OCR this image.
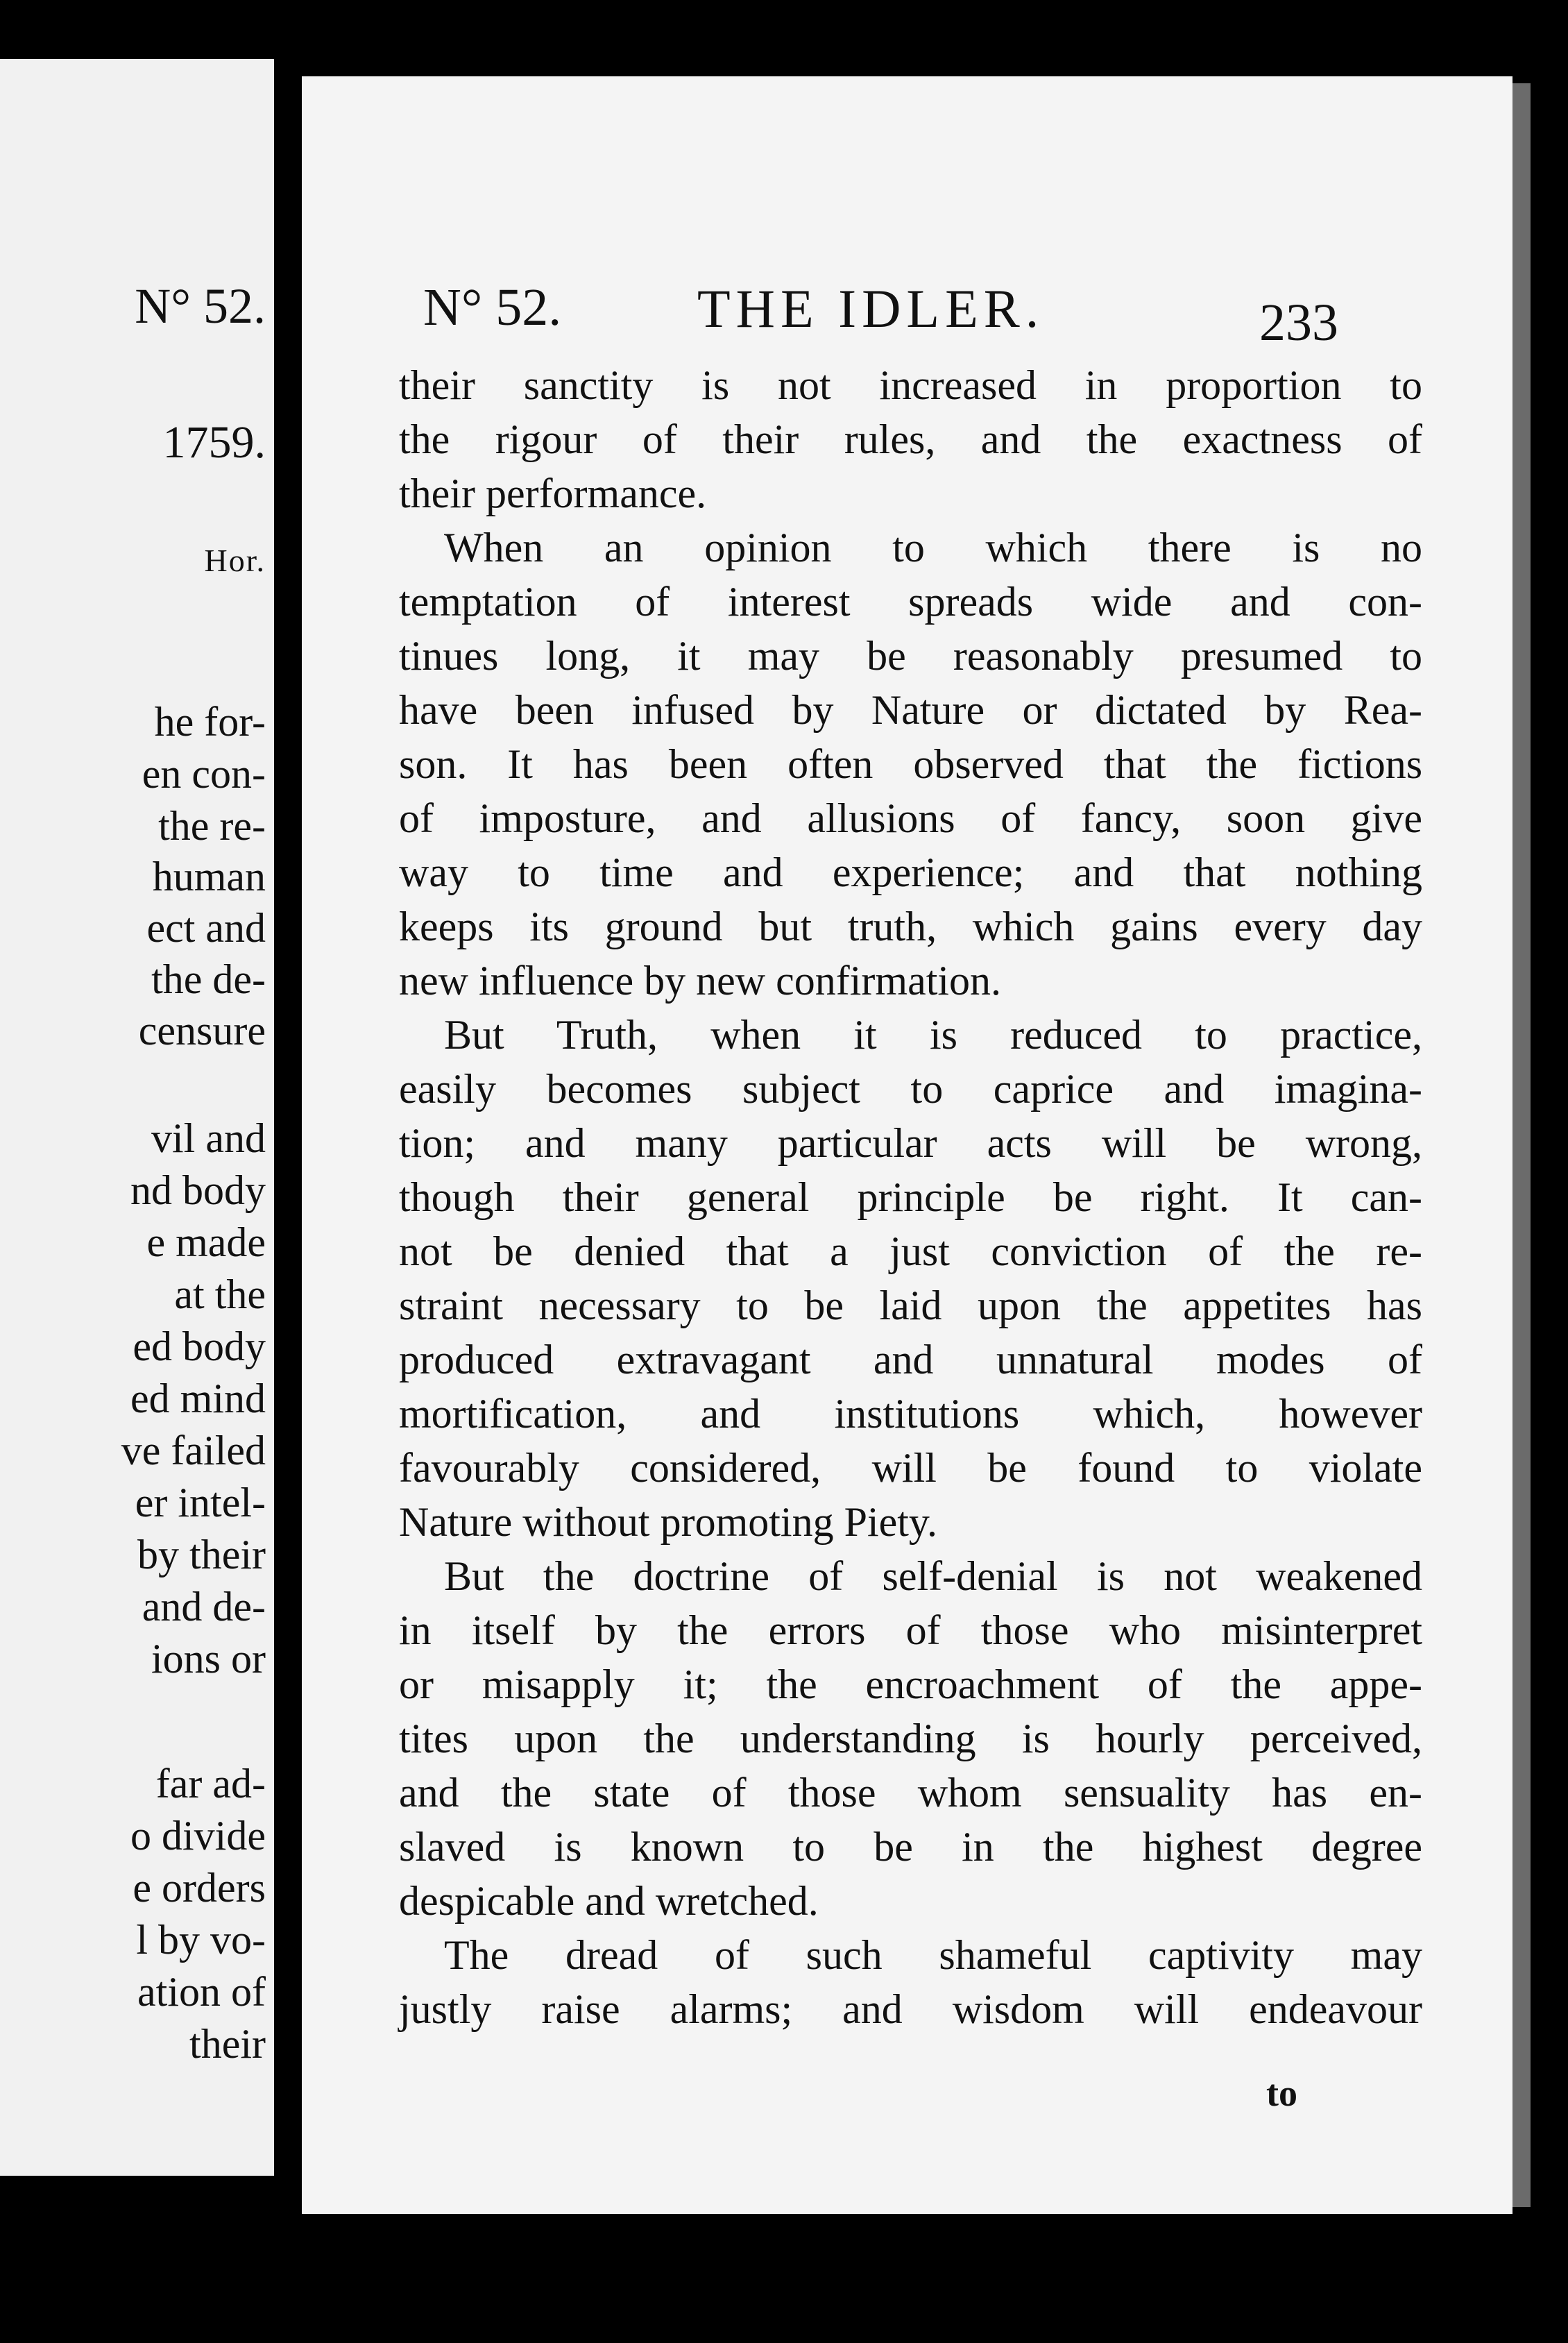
N° 52.
1759.
Hor.
he for-
en con-
the re-
human
ect and
the de-
censure
vil and
nd body
e made
at the
ed body
ed mind
ve failed
er intel-
by their
and de-
ions or
far ad-
o divide
e orders
l by vo-
ation of
their
N° 52.	THE IDLER.	233
their sanctity is not increased in proportion to
the rigour of their rules, and the exactness of
their performance.
When an opinion to which there is no
temptation of interest spreads wide and con-
tinues long, it may be reasonably presumed to
have been infused by Nature or dictated by Rea-
son. It has been often observed that the fictions
of imposture, and allusions of fancy, soon give
way to time and experience; and that nothing
keeps its ground but truth, which gains every day
new influence by new confirmation.
But Truth, when it is reduced to practice,
easily becomes subject to caprice and imagina-
tion; and many particular acts will be wrong,
though their general principle be right. It can-
not be denied that a just conviction of the re-
straint necessary to be laid upon the appetites has
produced extravagant and unnatural modes of
mortification, and institutions which, however
favourably considered, will be found to violate
Nature without promoting Piety.
But the doctrine of self-denial is not weakened
in itself by the errors of those who misinterpret
or misapply it; the encroachment of the appe-
tites upon the understanding is hourly perceived,
and the state of those whom sensuality has en-
slaved is known to be in the highest degree
despicable and wretched.
The dread of such shameful captivity may
justly raise alarms; and wisdom will endeavour
to
